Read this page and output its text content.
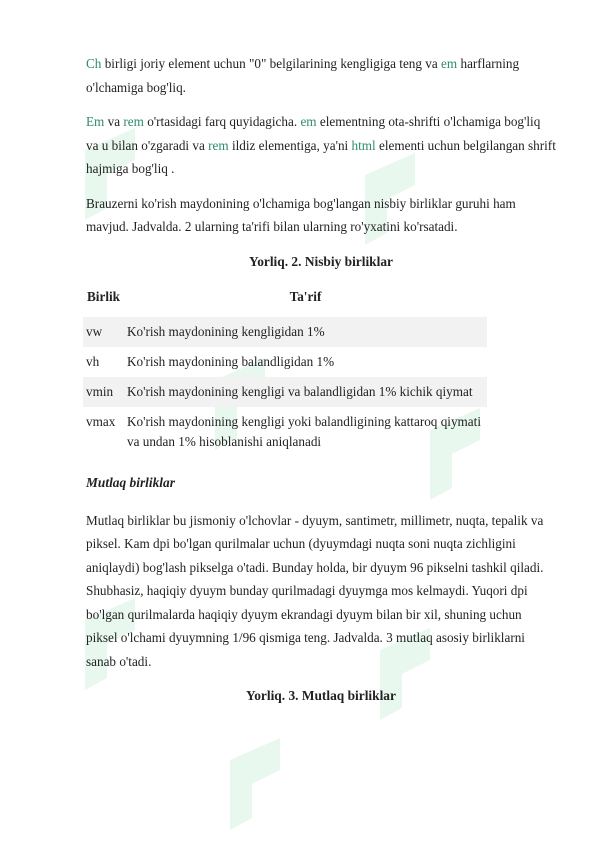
Ch birligi joriy element uchun "0" belgilarining kengligiga teng va em harflarning o'lchamiga bog'liq.

Em va rem o'rtasidagi farq quyidagicha. em elementning ota-shrifti o'lchamiga bog'liq va u bilan o'zgaradi va rem ildiz elementiga, ya'ni html elementi uchun belgilangan shrift hajmiga bog'liq .

Brauzerni ko'rish maydonining o'lchamiga bog'langan nisbiy birliklar guruhi ham mavjud. Jadvalda. 2 ularning ta'rifi bilan ularning ro'yxatini ko'rsatadi.

Yorliq. 2. Nisbiy birliklar

Birlik	Ta'rif
vw	Ko'rish maydonining kengligidan 1%
vh	Ko'rish maydonining balandligidan 1%
vmin	Ko'rish maydonining kengligi va balandligidan 1% kichik qiymat
vmax	Ko'rish maydonining kengligi yoki balandligining kattaroq qiymati va undan 1% hisoblanishi aniqlanadi

Mutlaq birliklar

Mutlaq birliklar bu jismoniy o'lchovlar - dyuym, santimetr, millimetr, nuqta, tepalik va piksel. Kam dpi bo'lgan qurilmalar uchun (dyuymdagi nuqta soni nuqta zichligini aniqlaydi) bog'lash pikselga o'tadi. Bunday holda, bir dyuym 96 pikselni tashkil qiladi. Shubhasiz, haqiqiy dyuym bunday qurilmadagi dyuymga mos kelmaydi. Yuqori dpi bo'lgan qurilmalarda haqiqiy dyuym ekrandagi dyuym bilan bir xil, shuning uchun piksel o'lchami dyuymning 1/96 qismiga teng. Jadvalda. 3 mutlaq asosiy birliklarni sanab o'tadi.

Yorliq. 3. Mutlaq birliklar
